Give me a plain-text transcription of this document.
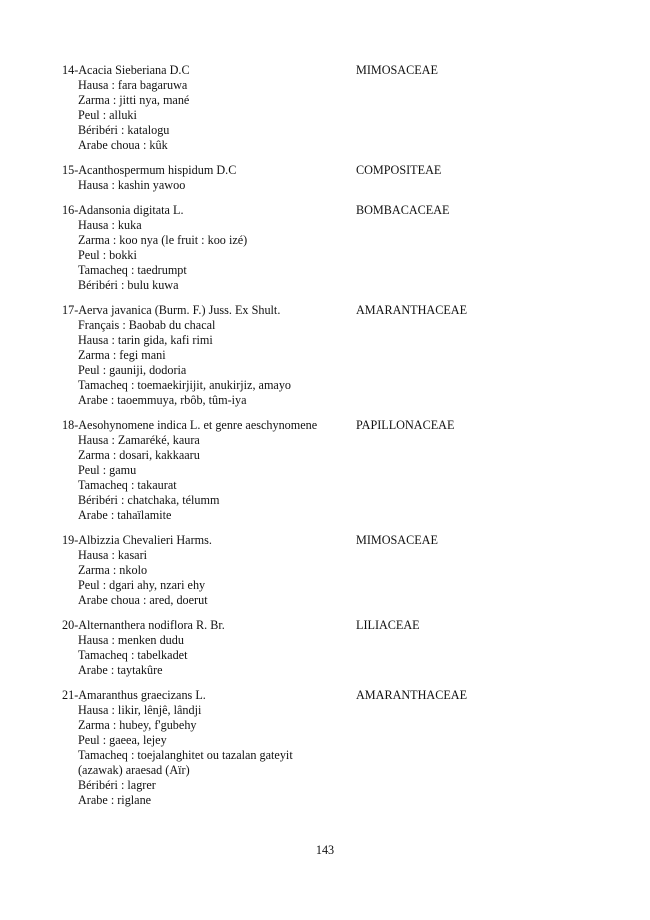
14-Acacia Sieberiana D.C	MIMOSACEAE
Hausa : fara bagaruwa
Zarma : jitti nya, mané
Peul : alluki
Béribéri : katalogu
Arabe choua : kûk
15-Acanthospermum hispidum D.C	COMPOSITEAE
Hausa : kashin yawoo
16-Adansonia digitata L.	BOMBACACEAE
Hausa : kuka
Zarma : koo nya (le fruit : koo izé)
Peul : bokki
Tamacheq : taedrumpt
Béribéri : bulu kuwa
17-Aerva javanica (Burm. F.) Juss. Ex Shult.	AMARANTHACEAE
Français : Baobab du chacal
Hausa : tarin gida, kafi rimi
Zarma : fegi mani
Peul : gauniji, dodoria
Tamacheq : toemaekirjijit, anukirjiz, amayo
Arabe : taoemmuya, rbôb, tûm-iya
18-Aesohynomene indica L. et genre aeschynomene	PAPILLONACEAE
Hausa : Zamaréké, kaura
Zarma : dosari, kakkaaru
Peul : gamu
Tamacheq : takaurat
Béribéri : chatchaka, télumm
Arabe : tahaïlamite
19-Albizzia Chevalieri Harms.	MIMOSACEAE
Hausa : kasari
Zarma : nkolo
Peul : dgari ahy, nzari ehy
Arabe choua : ared, doerut
20-Alternanthera nodiflora R. Br.	LILIACEAE
Hausa : menken dudu
Tamacheq : tabelkadet
Arabe : taytakûre
21-Amaranthus graecizans L.	AMARANTHACEAE
Hausa : likir, lênjê, lândji
Zarma : hubey, f'gubehy
Peul : gaeea, lejey
Tamacheq : toejalanghitet ou tazalan gateyit
(azawak) araesad (Aïr)
Béribéri : lagrer
Arabe : riglane
143
